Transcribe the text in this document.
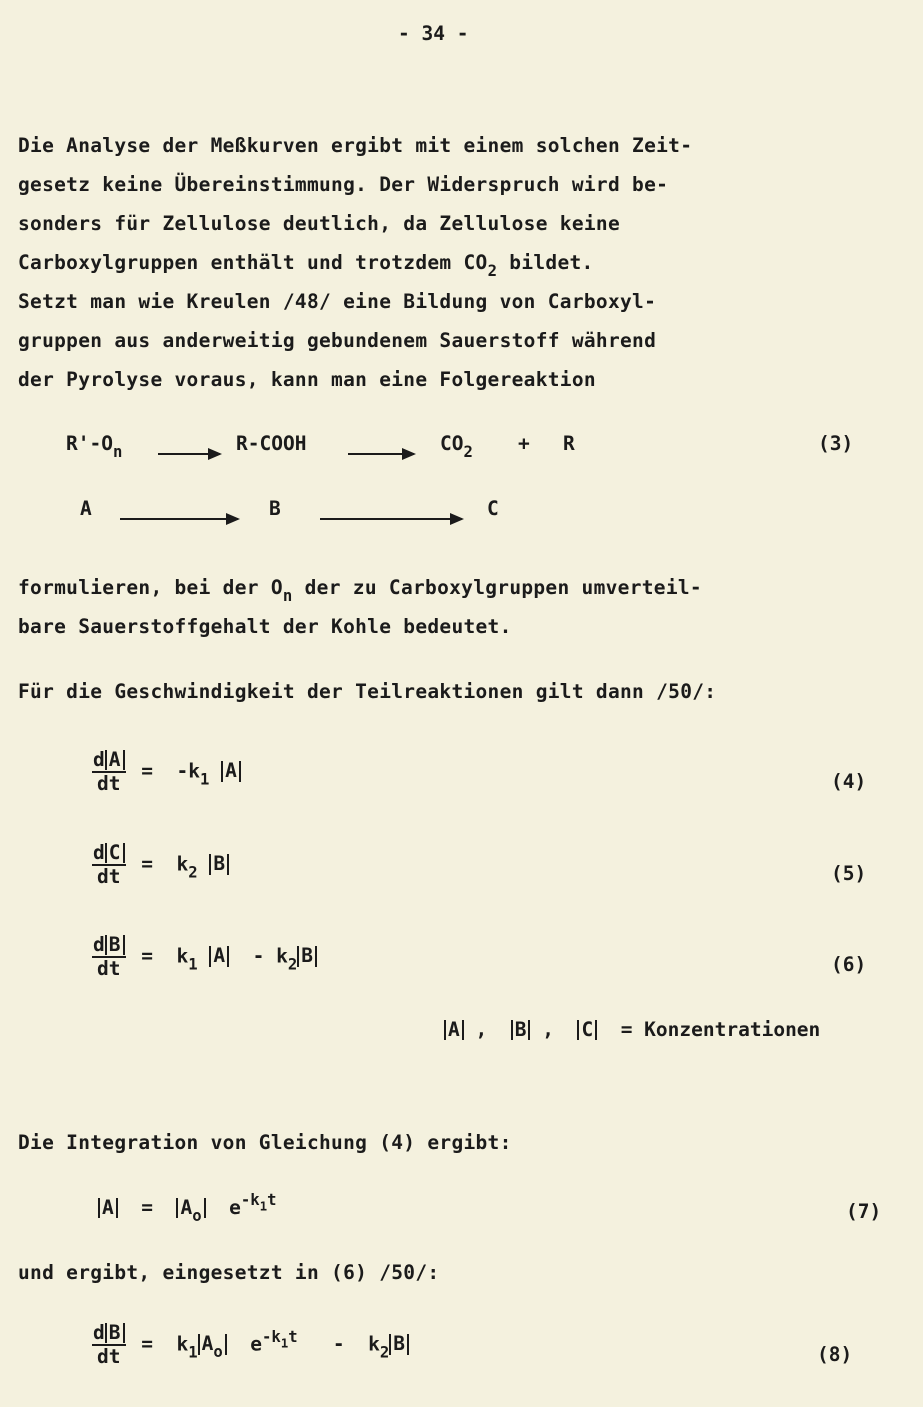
- 34 -
Die Analyse der Meßkurven ergibt mit einem solchen Zeit-
gesetz keine Übereinstimmung. Der Widerspruch wird be-
sonders für Zellulose deutlich, da Zellulose keine
Carboxylgruppen enthält und trotzdem $CO_2$ bildet.
Setzt man wie Kreulen /48/ eine Bildung von Carboxyl-
gruppen aus anderweitig gebundenem Sauerstoff während
der Pyrolyse voraus, kann man eine Folgereaktion
$R'-O_n$	R-COOH	$CO_2 + R$	(3)
A	B	C
formulieren, bei der $O_n$ der zu Carboxylgruppen umverteil-
bare Sauerstoffgehalt der Kohle bedeutet.
Für die Geschwindigkeit der Teilreaktionen gilt dann /50/:
$\frac{\text{d A}}{dt} = -k_1$ A	(4)
$\frac{\text{d C}}{dt} = k_2$ B	(5)
$\frac{\text{d B}}{dt} = k_1$ A - $k_2$ B	(6)
A , B , C = Konzentrationen
Die Integration von Gleichung (4) ergibt:
$A = A_o$ $e^{-k_1t}$	(7)
und ergibt, eingesetzt in (6) /50/:
$\frac{\text{d B}}{dt} = k_1$ $A_o$ $e^{-k_1t} - k_2$ B	(8)
